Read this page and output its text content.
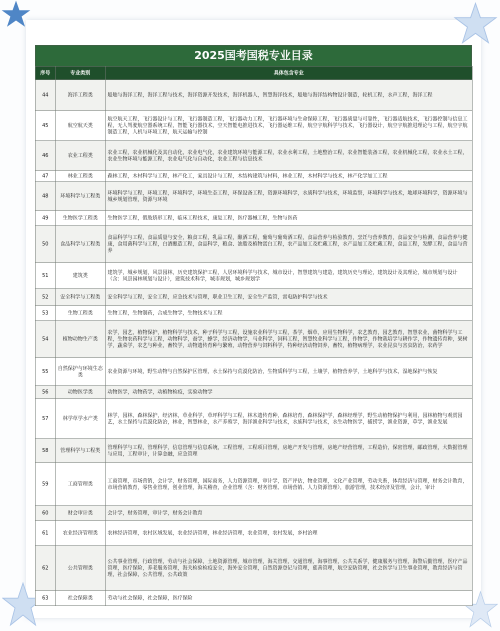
2025国考国税专业目录
序号	专业类别	具体包含专业
44	海洋工程类	船舶与海洋工程，海洋工程与技术，海洋资源开发技术，海洋机器人，智慧海洋技术，船舶与海洋结构物设计制造，轮机工程，水声工程，海洋工程
45	航空航天类	航空航天工程，飞行器设计与工程，飞行器制造工程，飞行器动力工程，飞行器环境与生命保障工程，飞行器质量与可靠性，飞行器适航技术，飞行器控制与信息工程，无人驾驶航空器系统工程，智能飞行器技术，空天智能电推进技术，飞行器运维工程，航空宇航科学与技术，飞行器设计，航空宇航推进理论与工程，航空宇航制造工程，人机与环境工程，航天运输与控制
46	农业工程类	农业工程，农业机械化及其自动化，农业电气化，农业建筑环境与能源工程，农业水利工程，土地整治工程，农业智能装备工程，农业机械化工程，农业水土工程，农业生物环境与能源工程，农业电气化与自动化，农业工程与信息技术
47	林业工程类	森林工程，木材科学与工程，林产化工，家具设计与工程，木结构建筑与材料，林业工程，木材科学与技术，林产化学加工工程
48	环境科学与工程类	环境科学与工程，环境工程，环境科学，环境生态工程，环保设备工程，资源环境科学，水质科学与技术，环境监察，环境科学与技术，地球环境科学，资源环境与城乡规划管理，资源与环境
49	生物医学工程类	生物医学工程，假肢矫形工程，临床工程技术，康复工程，医疗器械工程，生物与医药
50	食品科学与工程类	食品科学与工程，食品质量与安全，粮食工程，乳品工程，酿酒工程，葡萄与葡萄酒工程，食品营养与检验教育，烹饪与营养教育，食品安全与检测，食品营养与健康，食用菌科学与工程，白酒酿造工程，食品科学，粮食、油脂及植物蛋白工程，农产品加工及贮藏工程，水产品加工及贮藏工程，食品工程，发酵工程，食品与营养
51	建筑类	建筑学，城乡规划，风景园林，历史建筑保护工程，人居环境科学与技术，城市设计，智慧建筑与建造，建筑历史与理论，建筑设计及其理论，城市规划与设计（含：风景园林规划与设计），建筑技术科学，城市规划，城乡规划学
52	安全科学与工程类	安全科学与工程，安全工程，应急技术与管理，职业卫生工程，安全生产监管，雷电防护科学与技术
53	生物工程类	生物工程，生物制药，合成生物学，生物技术与工程
54	植物动物生产类	农学，园艺，植物保护，植物科学与技术，种子科学与工程，设施农业科学与工程，茶学，烟草，应用生物科学，农艺教育，园艺教育，智慧农业，菌物科学与工程，生物农药科学与工程，动物科学，蚕学，蜂学，经济动物学，马业科学，饲料工程，智慧牧业科学与工程，作物学，作物栽培学与耕作学，作物遗传育种，果树学，蔬菜学，农艺与种业，畜牧学，动物遗传育种与繁殖，动物营养与饲料科学，特种经济动物饲养，畜牧，植物病理学，农业昆虫与害虫防治，农药学
55	自然保护与环境生态类	农业资源与环境，野生动物与自然保护区管理，水土保持与荒漠化防治，生物质科学与工程，土壤学，植物营养学，土地科学与技术，湿地保护与恢复
56	动物医学类	动物医学，动物药学，动植物检疫，实验动物学
57	林学草学水产类	林学，园林，森林保护，经济林，草业科学，草坪科学与工程，林木遗传育种，森林培育，森林保护学，森林经理学，野生动植物保护与利用，园林植物与观赏园艺，水土保持与荒漠化防治，林业，智慧林业，水产养殖学，海洋渔业科学与技术，水族科学与技术，水生动物医学，捕捞学，渔业资源，草学，渔业发展
58	管理科学与工程类	管理科学与工程，管理科学，信息管理与信息系统，工程管理，工程项目管理，房地产开发与管理，房地产经营管理，工程造价，保密管理，邮政管理，大数据管理与应用，工程审计，计算金融，应急管理
59	工商管理类	工商管理，市场营销，会计学，财务管理，国际商务，人力资源管理，审计学，资产评估，物业管理，文化产业管理，劳动关系，体育经济与管理，财务会计教育，市场营销教育，零售业管理，创业管理，海关稽查，企业管理（含：财务管理、市场营销、人力资源管理），旅游管理，技术经济及管理，会计，审计
60	财会审计类	会计学，财务管理，审计学，财务会计教育
61	农业经济管理类	农林经济管理，农村区域发展，农业经济管理，林业经济管理，农业管理，农村发展，乡村治理
62	公共管理类	公共事业管理，行政管理，劳动与社会保障，土地资源管理，城市管理，海关管理，交通管理，海事管理，公共关系学，健康服务与管理，海警后勤管理，医疗产品管理，医疗保险，养老服务管理，海关检验检疫安全，海外安全管理，自然资源登记与管理，慈善管理，航空安防管理，社会医学与卫生事业管理，教育经济与管理，社会保障，公共管理，公共政策
63	社会保障类	劳动与社会保障，社会保障，医疗保险
